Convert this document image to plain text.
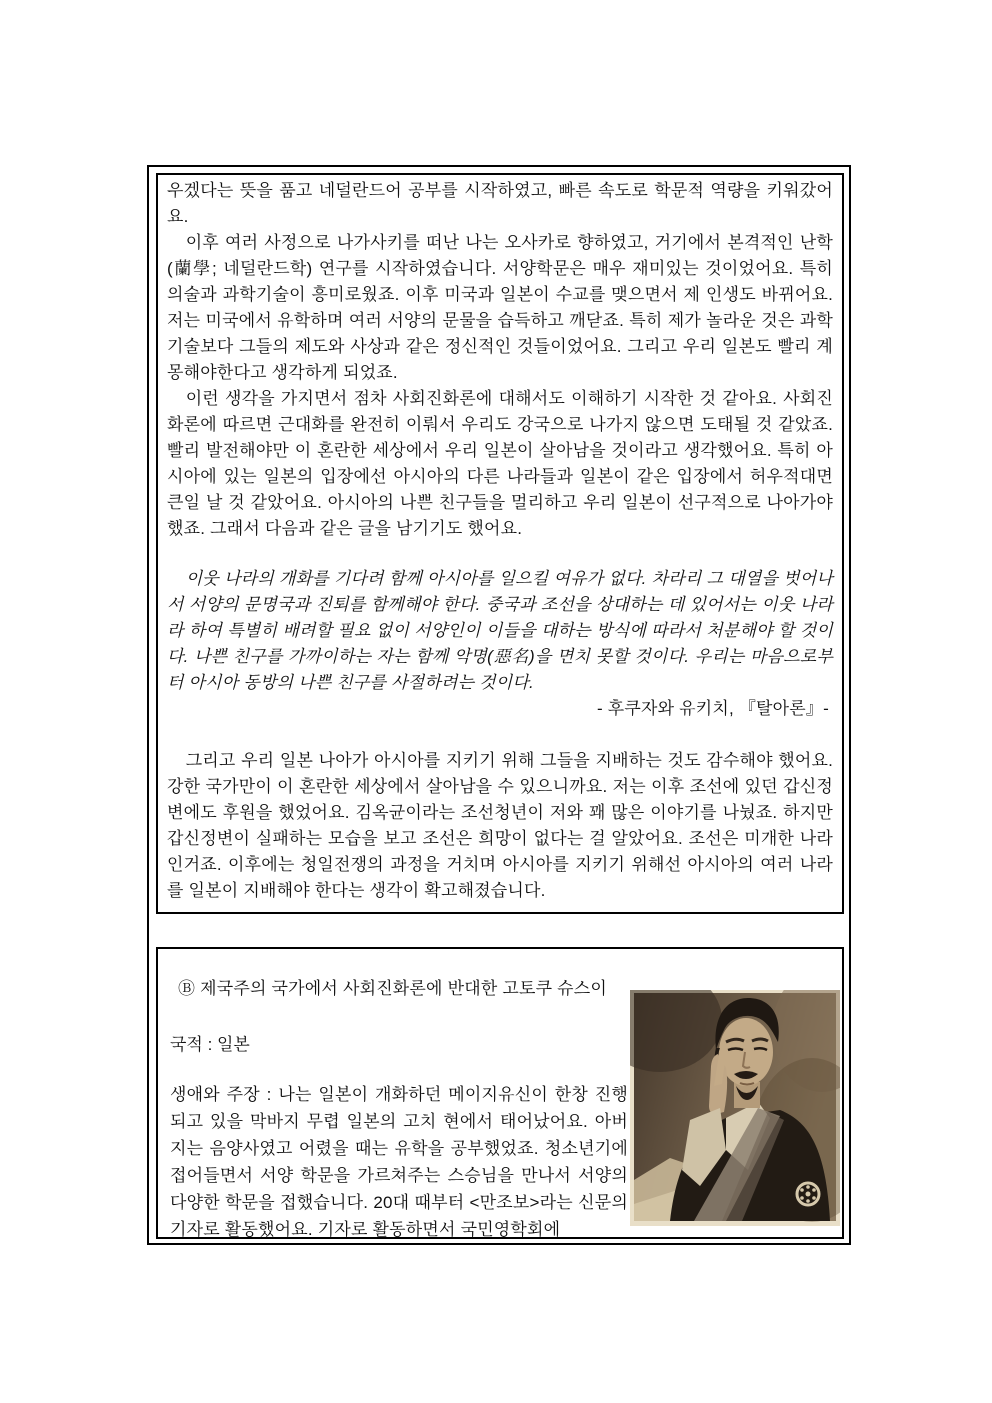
우겠다는 뜻을 품고 네덜란드어 공부를 시작하였고, 빠른 속도로 학문적 역량을 키워갔어요.

이후 여러 사정으로 나가사키를 떠난 나는 오사카로 향하였고, 거기에서 본격적인 난학(蘭學; 네덜란드학) 연구를 시작하였습니다. 서양학문은 매우 재미있는 것이었어요. 특히 의술과 과학기술이 흥미로웠죠. 이후 미국과 일본이 수교를 맺으면서 제 인생도 바뀌어요. 저는 미국에서 유학하며 여러 서양의 문물을 습득하고 깨닫죠. 특히 제가 놀라운 것은 과학기술보다 그들의 제도와 사상과 같은 정신적인 것들이었어요. 그리고 우리 일본도 빨리 계몽해야한다고 생각하게 되었죠.

이런 생각을 가지면서 점차 사회진화론에 대해서도 이해하기 시작한 것 같아요. 사회진화론에 따르면 근대화를 완전히 이뤄서 우리도 강국으로 나가지 않으면 도태될 것 같았죠. 빨리 발전해야만 이 혼란한 세상에서 우리 일본이 살아남을 것이라고 생각했어요. 특히 아시아에 있는 일본의 입장에선 아시아의 다른 나라들과 일본이 같은 입장에서 허우적대면 큰일 날 것 같았어요. 아시아의 나쁜 친구들을 멀리하고 우리 일본이 선구적으로 나아가야 했죠. 그래서 다음과 같은 글을 남기기도 했어요.

이웃 나라의 개화를 기다려 함께 아시아를 일으킬 여유가 없다. 차라리 그 대열을 벗어나서 서양의 문명국과 진퇴를 함께해야 한다. 중국과 조선을 상대하는 데 있어서는 이웃 나라라 하여 특별히 배려할 필요 없이 서양인이 이들을 대하는 방식에 따라서 처분해야 할 것이다. 나쁜 친구를 가까이하는 자는 함께 악명(惡名)을 면치 못할 것이다. 우리는 마음으로부터 아시아 동방의 나쁜 친구를 사절하려는 것이다.

- 후쿠자와 유키치, 『탈아론』-

그리고 우리 일본 나아가 아시아를 지키기 위해 그들을 지배하는 것도 감수해야 했어요. 강한 국가만이 이 혼란한 세상에서 살아남을 수 있으니까요. 저는 이후 조선에 있던 갑신정변에도 후원을 했었어요. 김옥균이라는 조선청년이 저와 꽤 많은 이야기를 나눴죠. 하지만 갑신정변이 실패하는 모습을 보고 조선은 희망이 없다는 걸 알았어요. 조선은 미개한 나라인거죠. 이후에는 청일전쟁의 과정을 거치며 아시아를 지키기 위해선 아시아의 여러 나라를 일본이 지배해야 한다는 생각이 확고해졌습니다.

Ⓑ 제국주의 국가에서 사회진화론에 반대한 고토쿠 슈스이

국적 : 일본

생애와 주장 : 나는 일본이 개화하던 메이지유신이 한창 진행되고 있을 막바지 무렵 일본의 고치 현에서 태어났어요. 아버지는 음양사였고 어렸을 때는 유학을 공부했었죠. 청소년기에 접어들면서 서양 학문을 가르쳐주는 스승님을 만나서 서양의 다양한 학문을 접했습니다. 20대 때부터 <만조보>라는 신문의 기자로 활동했어요. 기자로 활동하면서 국민영학회에
